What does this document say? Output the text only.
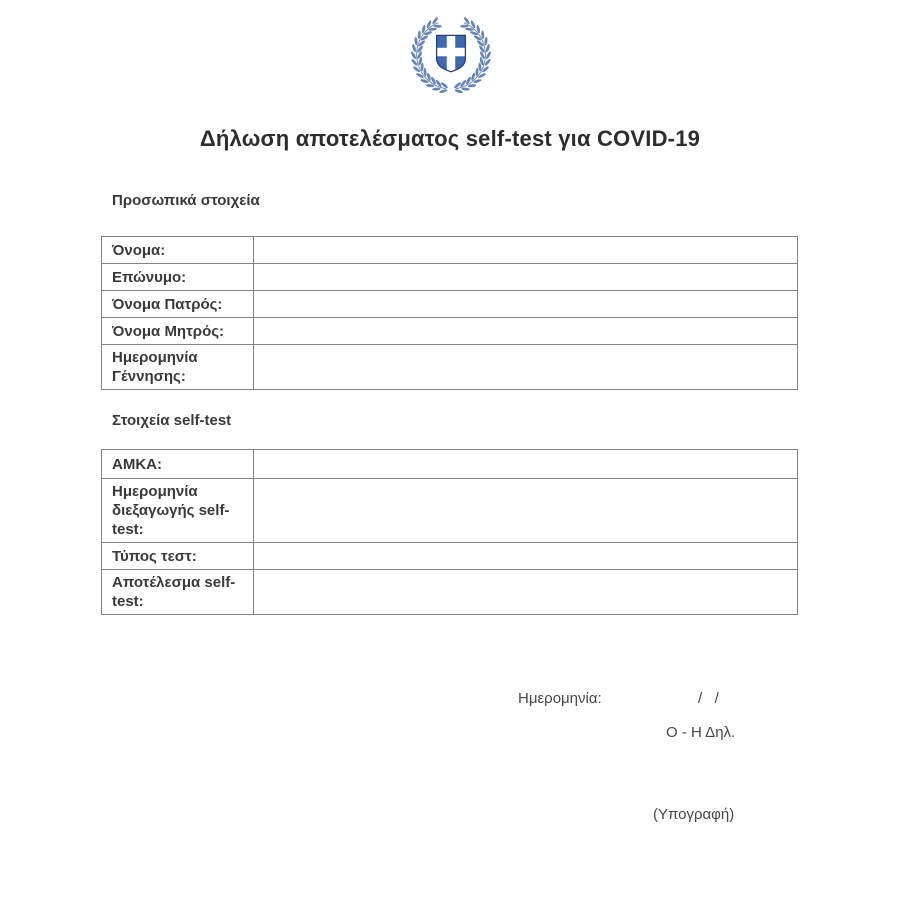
Δήλωση αποτελέσματος self-test για COVID-19
Προσωπικά στοιχεία
Όνομα:	
Επώνυμο:	
Όνομα Πατρός:	
Όνομα Μητρός:	
Ημερομηνία Γέννησης:	
Στοιχεία self-test
ΑΜΚΑ:	
Ημερομηνία διεξαγωγής self-test:	
Τύπος τεστ:	
Αποτέλεσμα self-test:	
Ημερομηνία:	/   /
Ο - Η Δηλ.
(Υπογραφή)
